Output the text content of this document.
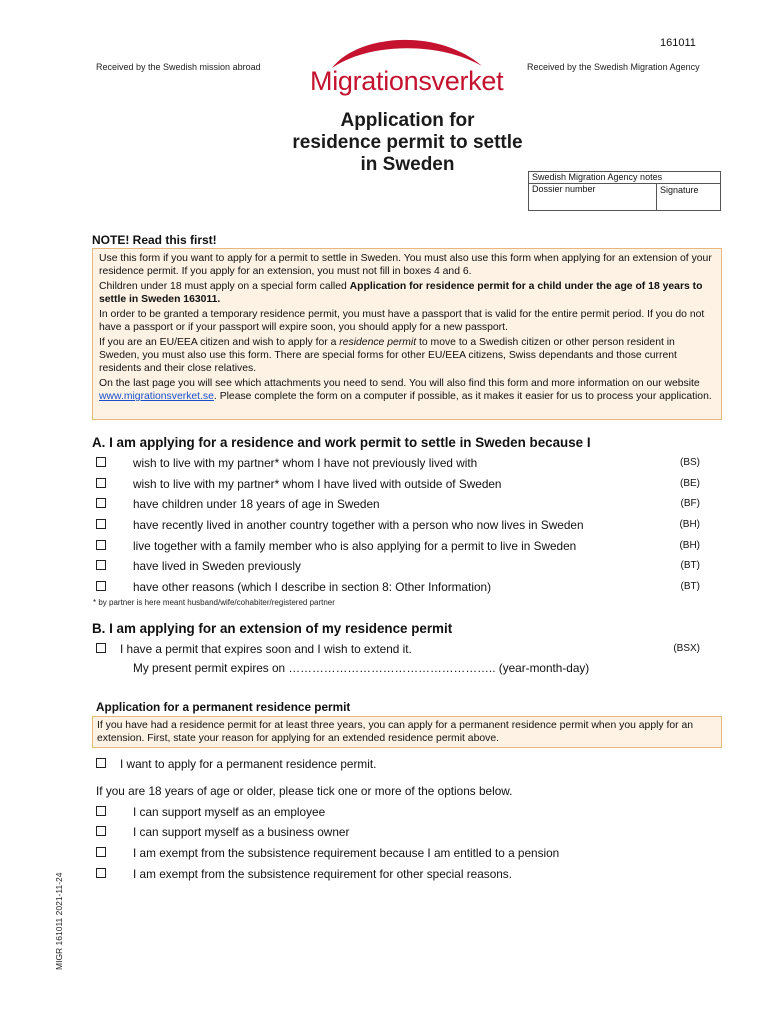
161011
Received by the Swedish mission abroad	Received by the Swedish Migration Agency
Migrationsverket
Application for
residence permit to settle
in Sweden
Swedish Migration Agency notes
Dossier number	Signature
NOTE! Read this first!

Use this form if you want to apply for a permit to settle in Sweden. You must also use this form when applying for an extension of your residence permit. If you apply for an extension, you must not fill in boxes 4 and 6.

Children under 18 must apply on a special form called Application for residence permit for a child under the age of 18 years to settle in Sweden 163011.

In order to be granted a temporary residence permit, you must have a passport that is valid for the entire permit period. If you do not have a passport or if your passport will expire soon, you should apply for a new passport.

If you are an EU/EEA citizen and wish to apply for a residence permit to move to a Swedish citizen or other person resident in Sweden, you must also use this form. There are special forms for other EU/EEA citizens, Swiss dependants and those current residents and their close relatives.

On the last page you will see which attachments you need to send. You will also find this form and more information on our website www.migrationsverket.se. Please complete the form on a computer if possible, as it makes it easier for us to process your application.

A. I am applying for a residence and work permit to settle in Sweden because I
wish to live with my partner* whom I have not previously lived with	(BS)
wish to live with my partner* whom I have lived with outside of Sweden	(BE)
have children under 18 years of age in Sweden	(BF)
have recently lived in another country together with a person who now lives in Sweden	(BH)
live together with a family member who is also applying for a permit to live in Sweden	(BH)
have lived in Sweden previously	(BT)
have other reasons (which I describe in section 8: Other Information)	(BT)
* by partner is here meant husband/wife/cohabiter/registered partner
B. I am applying for an extension of my residence permit
I have a permit that expires soon and I wish to extend it.	(BSX)
My present permit expires on …………………………………………….. (year-month-day)
Application for a permanent residence permit
If you have had a residence permit for at least three years, you can apply for a permanent residence permit when you apply for an extension. First, state your reason for applying for an extended residence permit above.
I want to apply for a permanent residence permit.
If you are 18 years of age or older, please tick one or more of the options below.
I can support myself as an employee
I can support myself as a business owner
I am exempt from the subsistence requirement because I am entitled to a pension
I am exempt from the subsistence requirement for other special reasons.
MIGR 161011 2021-11-24
